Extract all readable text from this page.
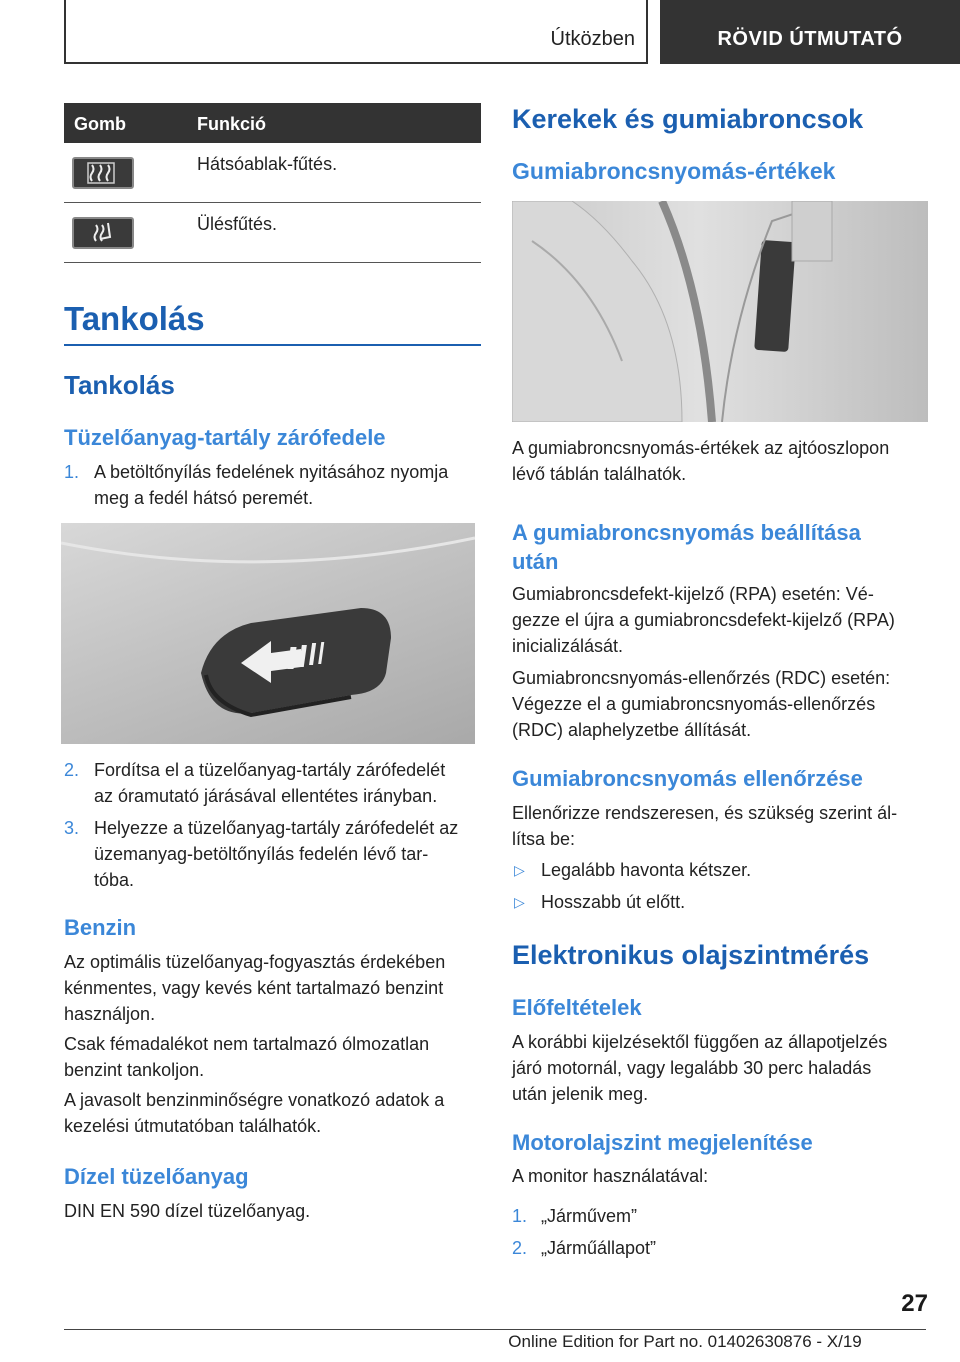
Útközben	RÖVID ÚTMUTATÓ
Gomb	Funkció
Hátsóablak-fűtés.
Ülésfűtés.
Tankolás
Tankolás
Tüzelőanyag-tartály zárófedele
1. A betöltőnyílás fedelének nyitásához nyomja
meg a fedél hátsó peremét.
2. Fordítsa el a tüzelőanyag-tartály zárófedelét
az óramutató járásával ellentétes irányban.
3. Helyezze a tüzelőanyag-tartály zárófedelét az
üzemanyag-betöltőnyílás fedelén lévő tar-
tóba.
Benzin
Az optimális tüzelőanyag-fogyasztás érdekében
kénmentes, vagy kevés ként tartalmazó benzint
használjon.
Csak fémadalékot nem tartalmazó ólmozatlan
benzint tankoljon.
A javasolt benzinminőségre vonatkozó adatok a
kezelési útmutatóban találhatók.
Dízel tüzelőanyag
DIN EN 590 dízel tüzelőanyag.
Kerekek és gumiabroncsok
Gumiabroncsnyomás-értékek
A gumiabroncsnyomás-értékek az ajtóoszlopon
lévő táblán találhatók.
A gumiabroncsnyomás beállítása
után
Gumiabroncsdefekt-kijelző (RPA) esetén: Vé-
gezze el újra a gumiabroncsdefekt-kijelző (RPA)
inicializálását.
Gumiabroncsnyomás-ellenőrzés (RDC) esetén:
Végezze el a gumiabroncsnyomás-ellenőrzés
(RDC) alaphelyzetbe állítását.
Gumiabroncsnyomás ellenőrzése
Ellenőrizze rendszeresen, és szükség szerint ál-
lítsa be:
▷ Legalább havonta kétszer.
▷ Hosszabb út előtt.
Elektronikus olajszintmérés
Előfeltételek
A korábbi kijelzésektől függően az állapotjelzés
járó motornál, vagy legalább 30 perc haladás
után jelenik meg.
Motorolajszint megjelenítése
A monitor használatával:
1. „Járművem”
2. „Járműállapot”
27
Online Edition for Part no. 01402630876 - X/19
